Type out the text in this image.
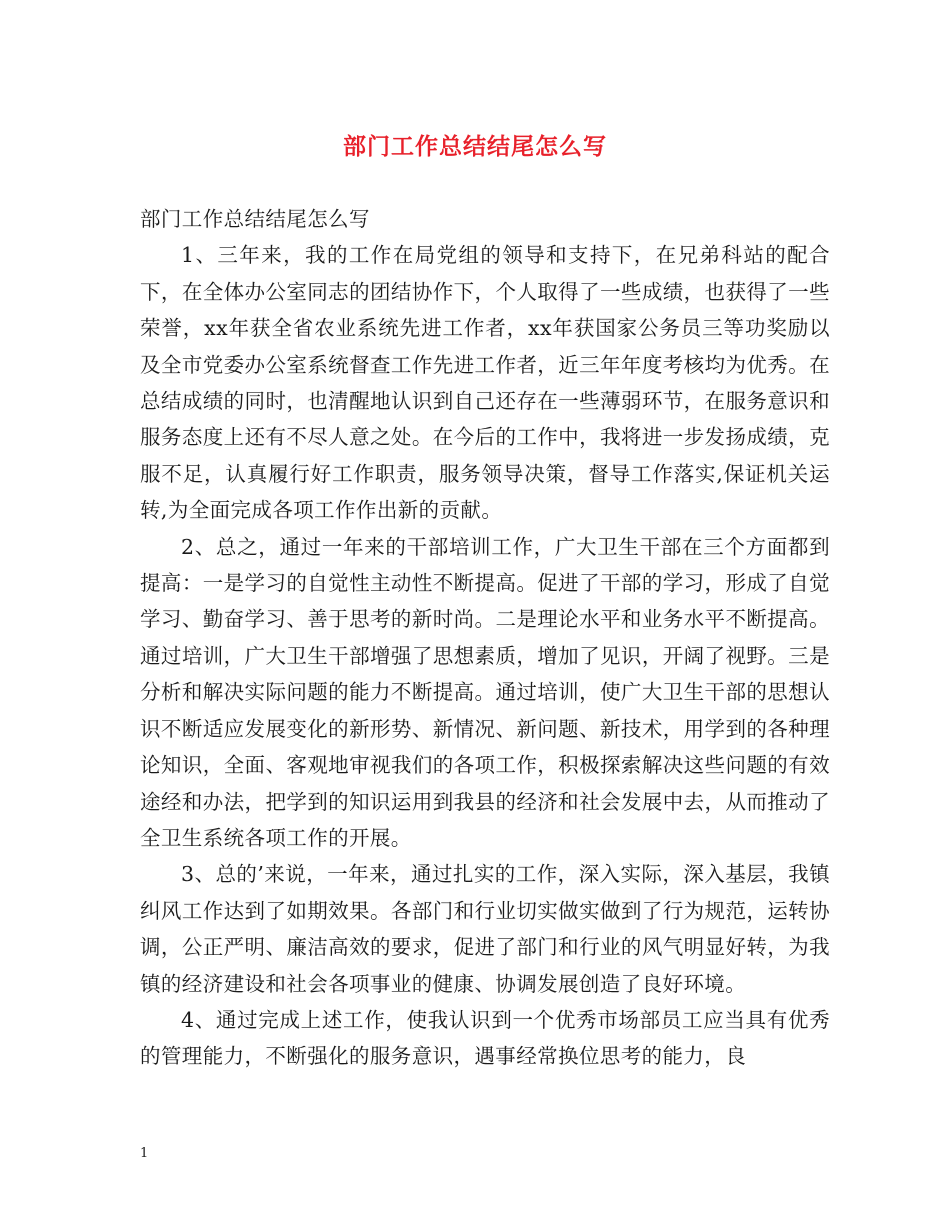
部门工作总结结尾怎么写

部门工作总结结尾怎么写

1、三年来，我的工作在局党组的领导和支持下，在兄弟科站的配合下，在全体办公室同志的团结协作下，个人取得了一些成绩，也获得了一些荣誉，xx年获全省农业系统先进工作者，xx年获国家公务员三等功奖励以及全市党委办公室系统督查工作先进工作者，近三年年度考核均为优秀。在总结成绩的同时，也清醒地认识到自己还存在一些薄弱环节，在服务意识和服务态度上还有不尽人意之处。在今后的工作中，我将进一步发扬成绩，克服不足，认真履行好工作职责，服务领导决策，督导工作落实,保证机关运转,为全面完成各项工作作出新的贡献。

2、总之，通过一年来的干部培训工作，广大卫生干部在三个方面都到提高：一是学习的自觉性主动性不断提高。促进了干部的学习，形成了自觉学习、勤奋学习、善于思考的新时尚。二是理论水平和业务水平不断提高。通过培训，广大卫生干部增强了思想素质，增加了见识，开阔了视野。三是分析和解决实际问题的能力不断提高。通过培训，使广大卫生干部的思想认识不断适应发展变化的新形势、新情况、新问题、新技术，用学到的各种理论知识，全面、客观地审视我们的各项工作，积极探索解决这些问题的有效途经和办法，把学到的知识运用到我县的经济和社会发展中去，从而推动了全卫生系统各项工作的开展。

3、总的’来说，一年来，通过扎实的工作，深入实际，深入基层，我镇纠风工作达到了如期效果。各部门和行业切实做实做到了行为规范，运转协调，公正严明、廉洁高效的要求，促进了部门和行业的风气明显好转，为我镇的经济建设和社会各项事业的健康、协调发展创造了良好环境。

4、通过完成上述工作，使我认识到一个优秀市场部员工应当具有优秀的管理能力，不断强化的服务意识，遇事经常换位思考的能力，良

1
